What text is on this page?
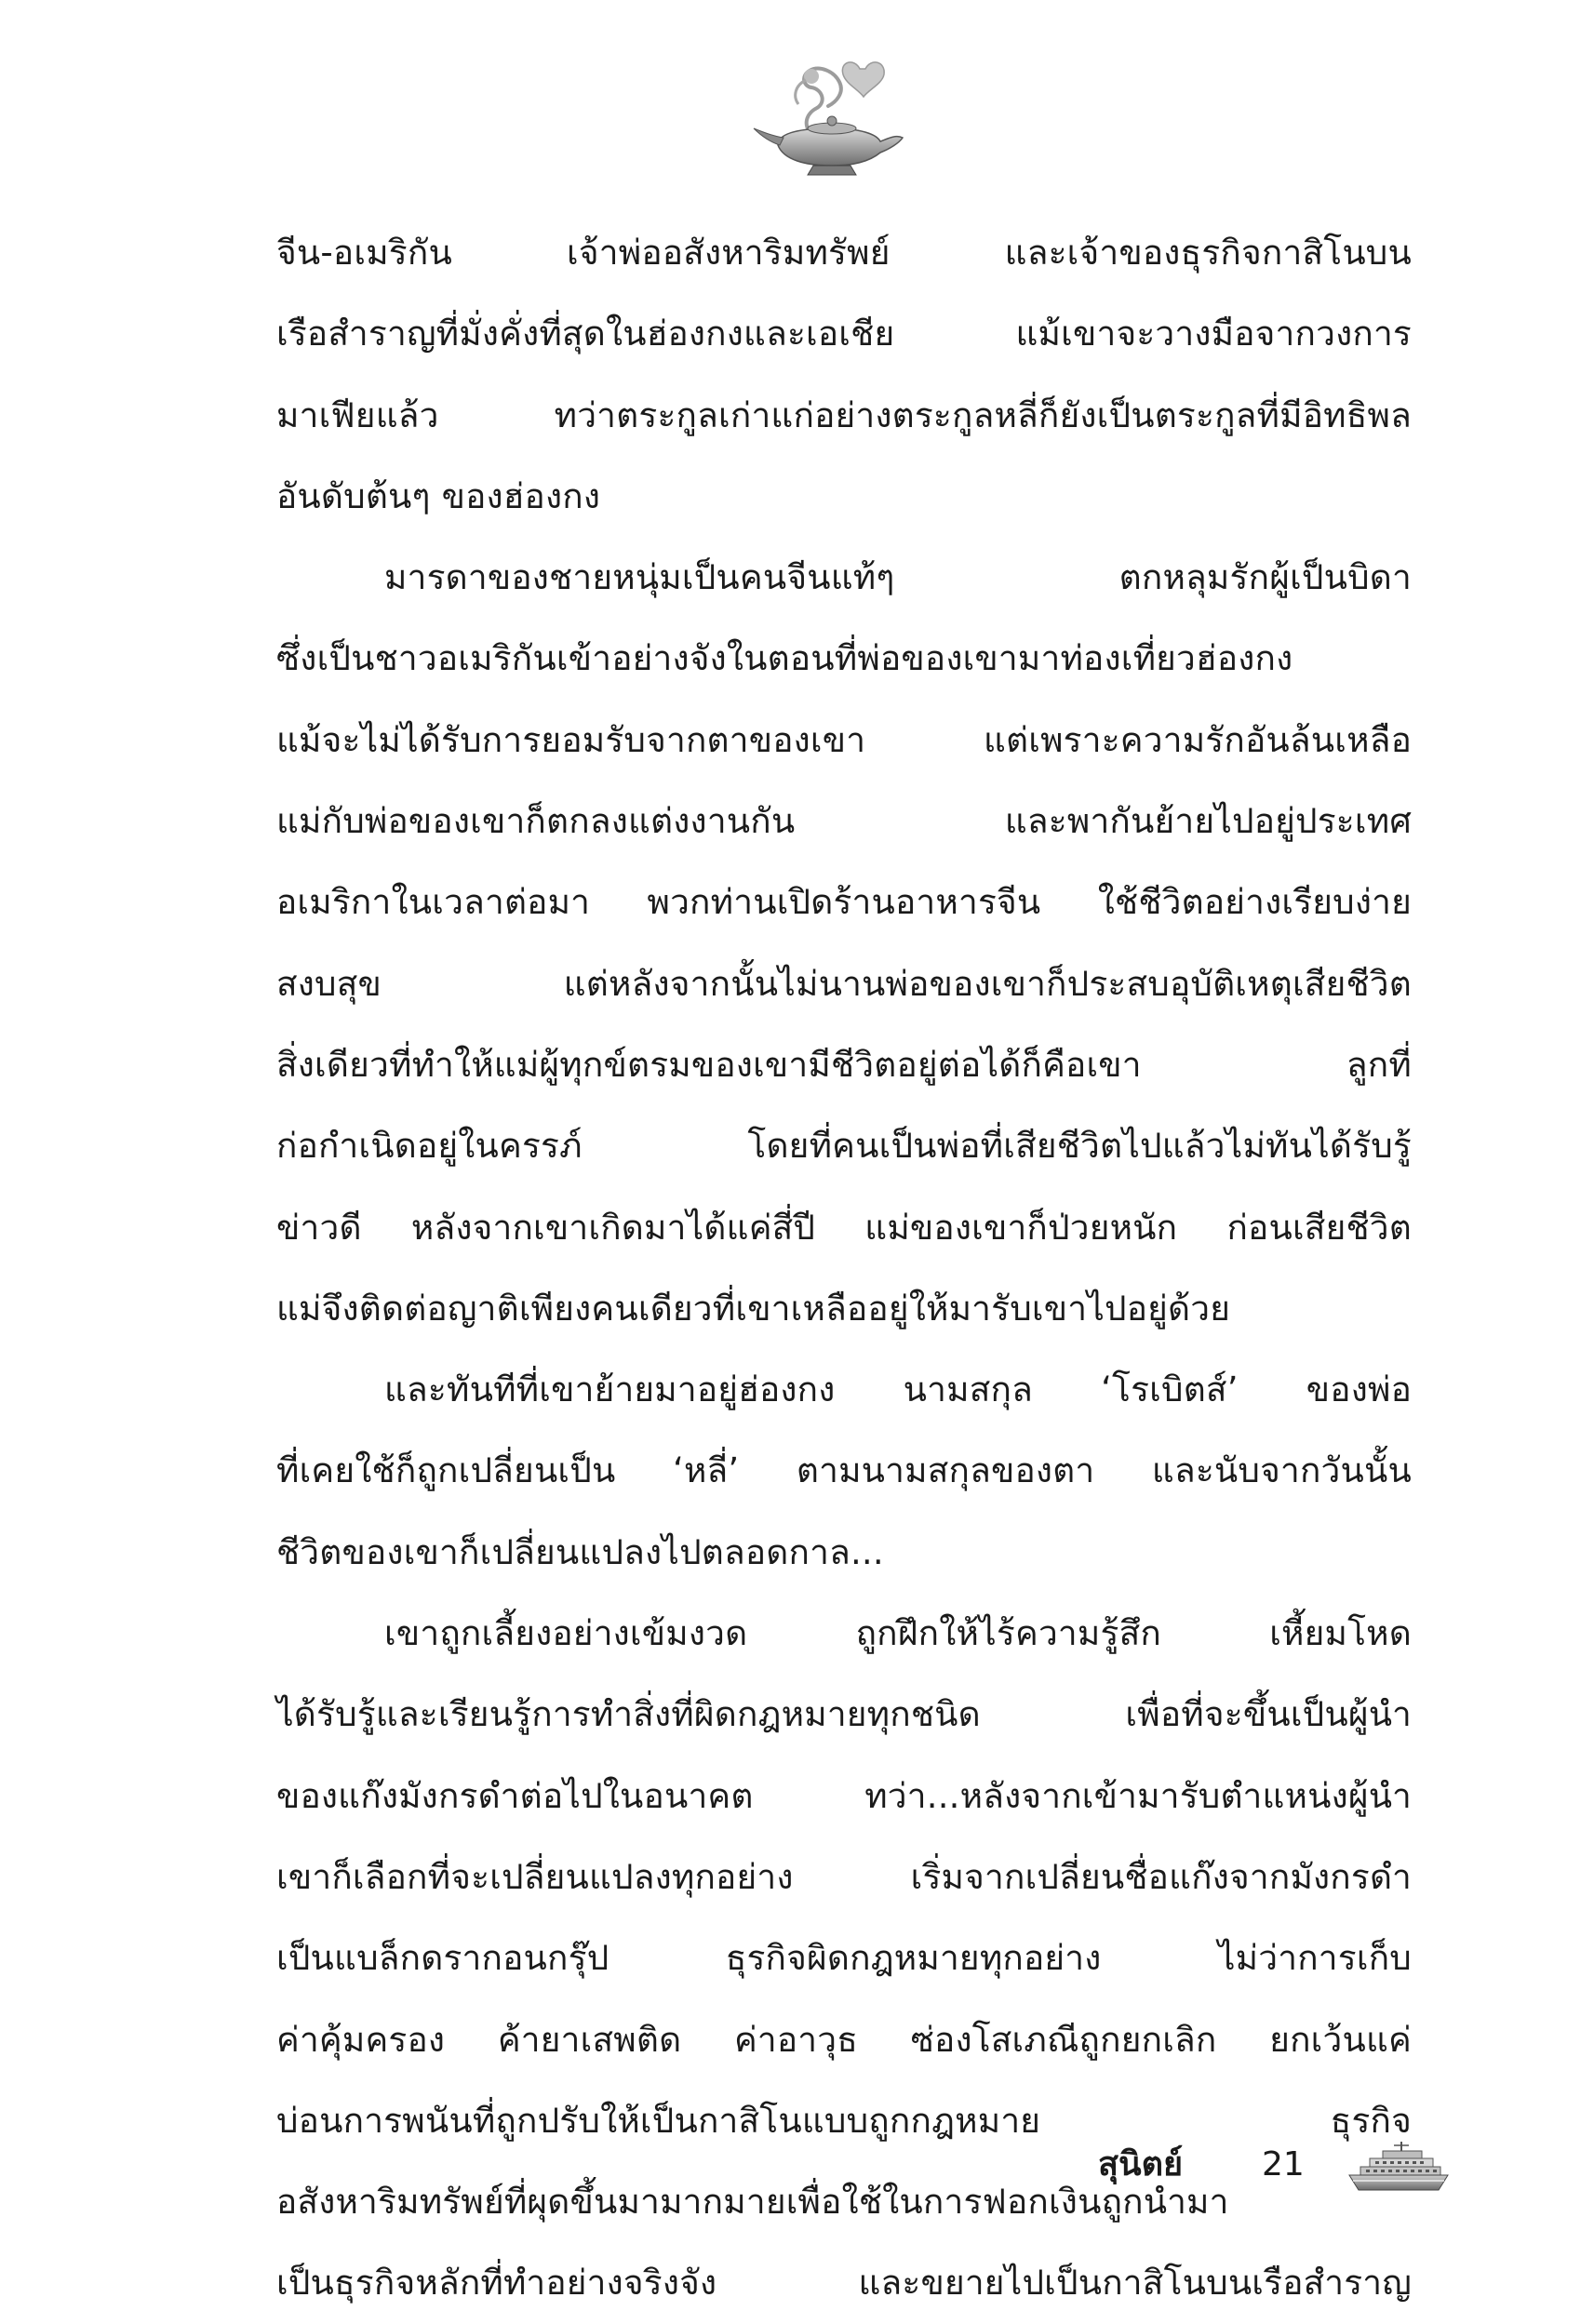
จีน-อเมริกัน เจ้าพ่ออสังหาริมทรัพย์ และเจ้าของธุรกิจกาสิโนบน
เรือสำราญที่มั่งคั่งที่สุดในฮ่องกงและเอเชีย แม้เขาจะวางมือจากวงการ
มาเฟียแล้ว ทว่าตระกูลเก่าแก่อย่างตระกูลหลี่ก็ยังเป็นตระกูลที่มีอิทธิพล
อันดับต้นๆ ของฮ่องกง
มารดาของชายหนุ่มเป็นคนจีนแท้ๆ ตกหลุมรักผู้เป็นบิดา
ซึ่งเป็นชาวอเมริกันเข้าอย่างจังในตอนที่พ่อของเขามาท่องเที่ยวฮ่องกง
แม้จะไม่ได้รับการยอมรับจากตาของเขา แต่เพราะความรักอันล้นเหลือ
แม่กับพ่อของเขาก็ตกลงแต่งงานกัน และพากันย้ายไปอยู่ประเทศ
อเมริกาในเวลาต่อมา พวกท่านเปิดร้านอาหารจีน ใช้ชีวิตอย่างเรียบง่าย
สงบสุข แต่หลังจากนั้นไม่นานพ่อของเขาก็ประสบอุบัติเหตุเสียชีวิต
สิ่งเดียวที่ทำให้แม่ผู้ทุกข์ตรมของเขามีชีวิตอยู่ต่อได้ก็คือเขา ลูกที่
ก่อกำเนิดอยู่ในครรภ์ โดยที่คนเป็นพ่อที่เสียชีวิตไปแล้วไม่ทันได้รับรู้
ข่าวดี หลังจากเขาเกิดมาได้แค่สี่ปี แม่ของเขาก็ป่วยหนัก ก่อนเสียชีวิต
แม่จึงติดต่อญาติเพียงคนเดียวที่เขาเหลืออยู่ให้มารับเขาไปอยู่ด้วย
และทันทีที่เขาย้ายมาอยู่ฮ่องกง นามสกุล ‘โรเบิตส์’ ของพ่อ
ที่เคยใช้ก็ถูกเปลี่ยนเป็น ‘หลี่’ ตามนามสกุลของตา และนับจากวันนั้น
ชีวิตของเขาก็เปลี่ยนแปลงไปตลอดกาล...
เขาถูกเลี้ยงอย่างเข้มงวด ถูกฝึกให้ไร้ความรู้สึก เหี้ยมโหด
ได้รับรู้และเรียนรู้การทำสิ่งที่ผิดกฎหมายทุกชนิด เพื่อที่จะขึ้นเป็นผู้นำ
ของแก๊งมังกรดำต่อไปในอนาคต ทว่า...หลังจากเข้ามารับตำแหน่งผู้นำ
เขาก็เลือกที่จะเปลี่ยนแปลงทุกอย่าง เริ่มจากเปลี่ยนชื่อแก๊งจากมังกรดำ
เป็นแบล็กดรากอนกรุ๊ป ธุรกิจผิดกฎหมายทุกอย่าง ไม่ว่าการเก็บ
ค่าคุ้มครอง ค้ายาเสพติด ค่าอาวุธ ซ่องโสเภณีถูกยกเลิก ยกเว้นแค่
บ่อนการพนันที่ถูกปรับให้เป็นกาสิโนแบบถูกกฎหมาย ธุรกิจ
อสังหาริมทรัพย์ที่ผุดขึ้นมามากมายเพื่อใช้ในการฟอกเงินถูกนำมา
เป็นธุรกิจหลักที่ทำอย่างจริงจัง และขยายไปเป็นกาสิโนบนเรือสำราญ
สุนิตย์ 21
